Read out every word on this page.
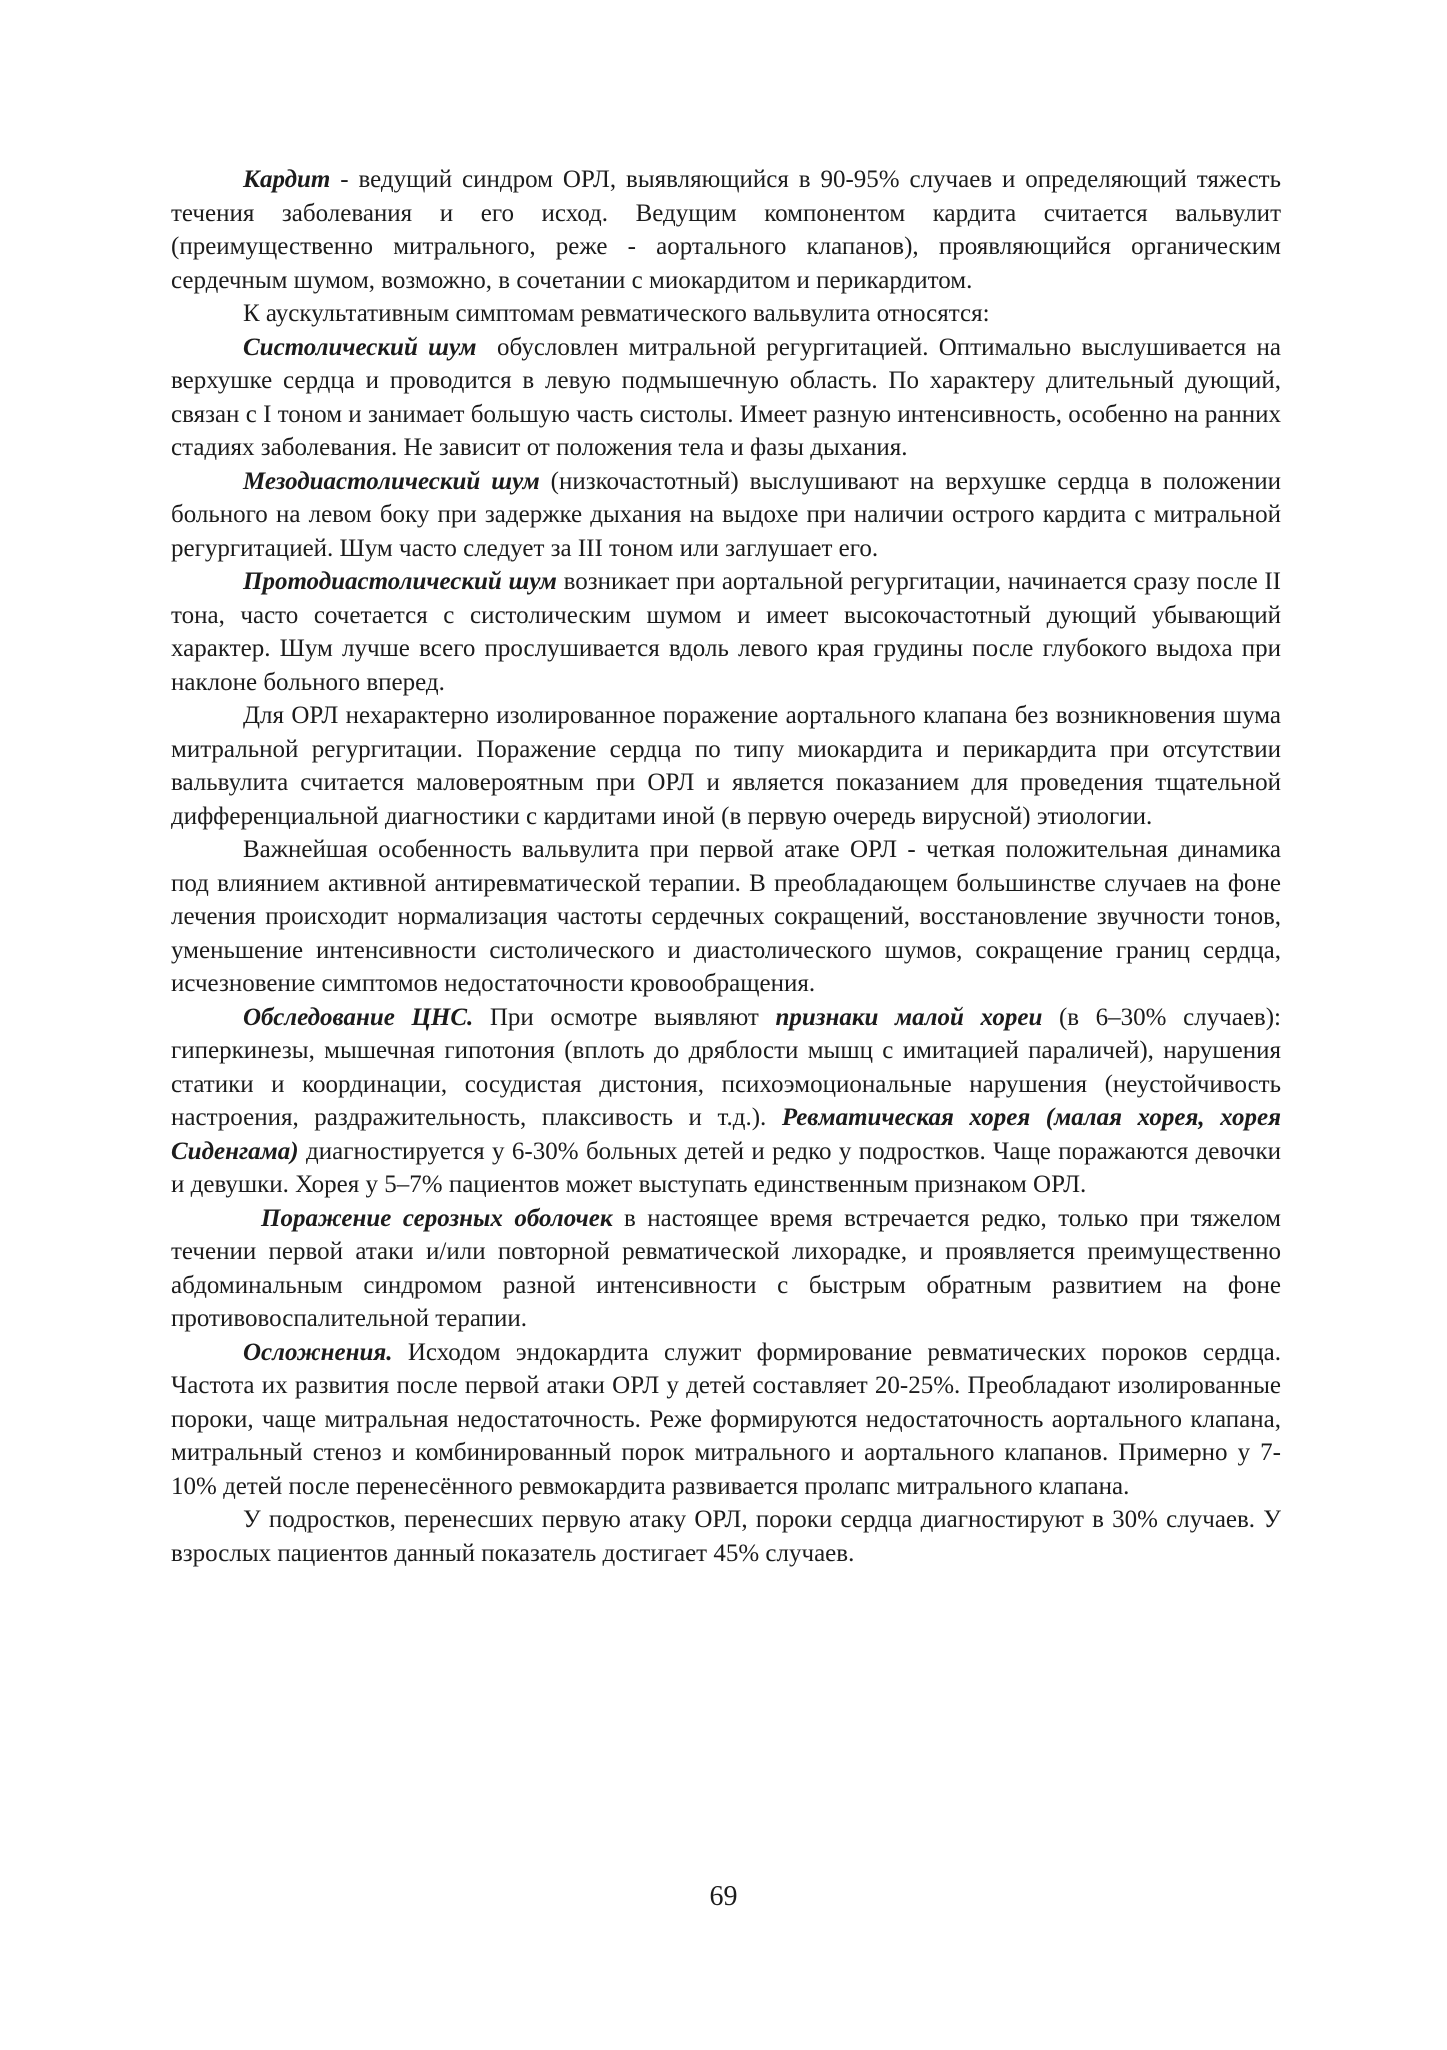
Кардит - ведущий синдром ОРЛ, выявляющийся в 90-95% случаев и определяющий тяжесть течения заболевания и его исход. Ведущим компонентом кардита считается вальвулит (преимущественно митрального, реже - аортального клапанов), проявляющийся органическим сердечным шумом, возможно, в сочетании с миокардитом и перикардитом.

К аускультативным симптомам ревматического вальвулита относятся:

Систолический шум  обусловлен митральной регургитацией. Оптимально выслушивается на верхушке сердца и проводится в левую подмышечную область. По характеру длительный дующий, связан с I тоном и занимает большую часть систолы. Имеет разную интенсивность, особенно на ранних стадиях заболевания. Не зависит от положения тела и фазы дыхания.

Мезодиастолический шум (низкочастотный) выслушивают на верхушке сердца в положении больного на левом боку при задержке дыхания на выдохе при наличии острого кардита с митральной регургитацией. Шум часто следует за III тоном или заглушает его.

Протодиастолический шум возникает при аортальной регургитации, начинается сразу после II тона, часто сочетается с систолическим шумом и имеет высокочастотный дующий убывающий характер. Шум лучше всего прослушивается вдоль левого края грудины после глубокого выдоха при наклоне больного вперед.

Для ОРЛ нехарактерно изолированное поражение аортального клапана без возникновения шума митральной регургитации. Поражение сердца по типу миокардита и перикардита при отсутствии вальвулита считается маловероятным при ОРЛ и является показанием для проведения тщательной дифференциальной диагностики с кардитами иной (в первую очередь вирусной) этиологии.

Важнейшая особенность вальвулита при первой атаке ОРЛ - четкая положительная динамика под влиянием активной антиревматической терапии. В преобладающем большинстве случаев на фоне лечения происходит нормализация частоты сердечных сокращений, восстановление звучности тонов, уменьшение интенсивности систолического и диастолического шумов, сокращение границ сердца, исчезновение симптомов недостаточности кровообращения.

Обследование ЦНС. При осмотре выявляют признаки малой хореи (в 6–30% случаев): гиперкинезы, мышечная гипотония (вплоть до дряблости мышц с имитацией параличей), нарушения статики и координации, сосудистая дистония, психоэмоциональные нарушения (неустойчивость настроения, раздражительность, плаксивость и т.д.). Ревматическая хорея (малая хорея, хорея Сиденгама) диагностируется у 6-30% больных детей и редко у подростков. Чаще поражаются девочки и девушки. Хорея у 5–7% пациентов может выступать единственным признаком ОРЛ.

Поражение серозных оболочек в настоящее время встречается редко, только при тяжелом течении первой атаки и/или повторной ревматической лихорадке, и проявляется преимущественно абдоминальным синдромом разной интенсивности с быстрым обратным развитием на фоне противовоспалительной терапии.

Осложнения. Исходом эндокардита служит формирование ревматических пороков сердца. Частота их развития после первой атаки ОРЛ у детей составляет 20-25%. Преобладают изолированные пороки, чаще митральная недостаточность. Реже формируются недостаточность аортального клапана, митральный стеноз и комбинированный порок митрального и аортального клапанов. Примерно у 7-10% детей после перенесённого ревмокардита развивается пролапс митрального клапана.

У подростков, перенесших первую атаку ОРЛ, пороки сердца диагностируют в 30% случаев. У взрослых пациентов данный показатель достигает 45% случаев.

69
